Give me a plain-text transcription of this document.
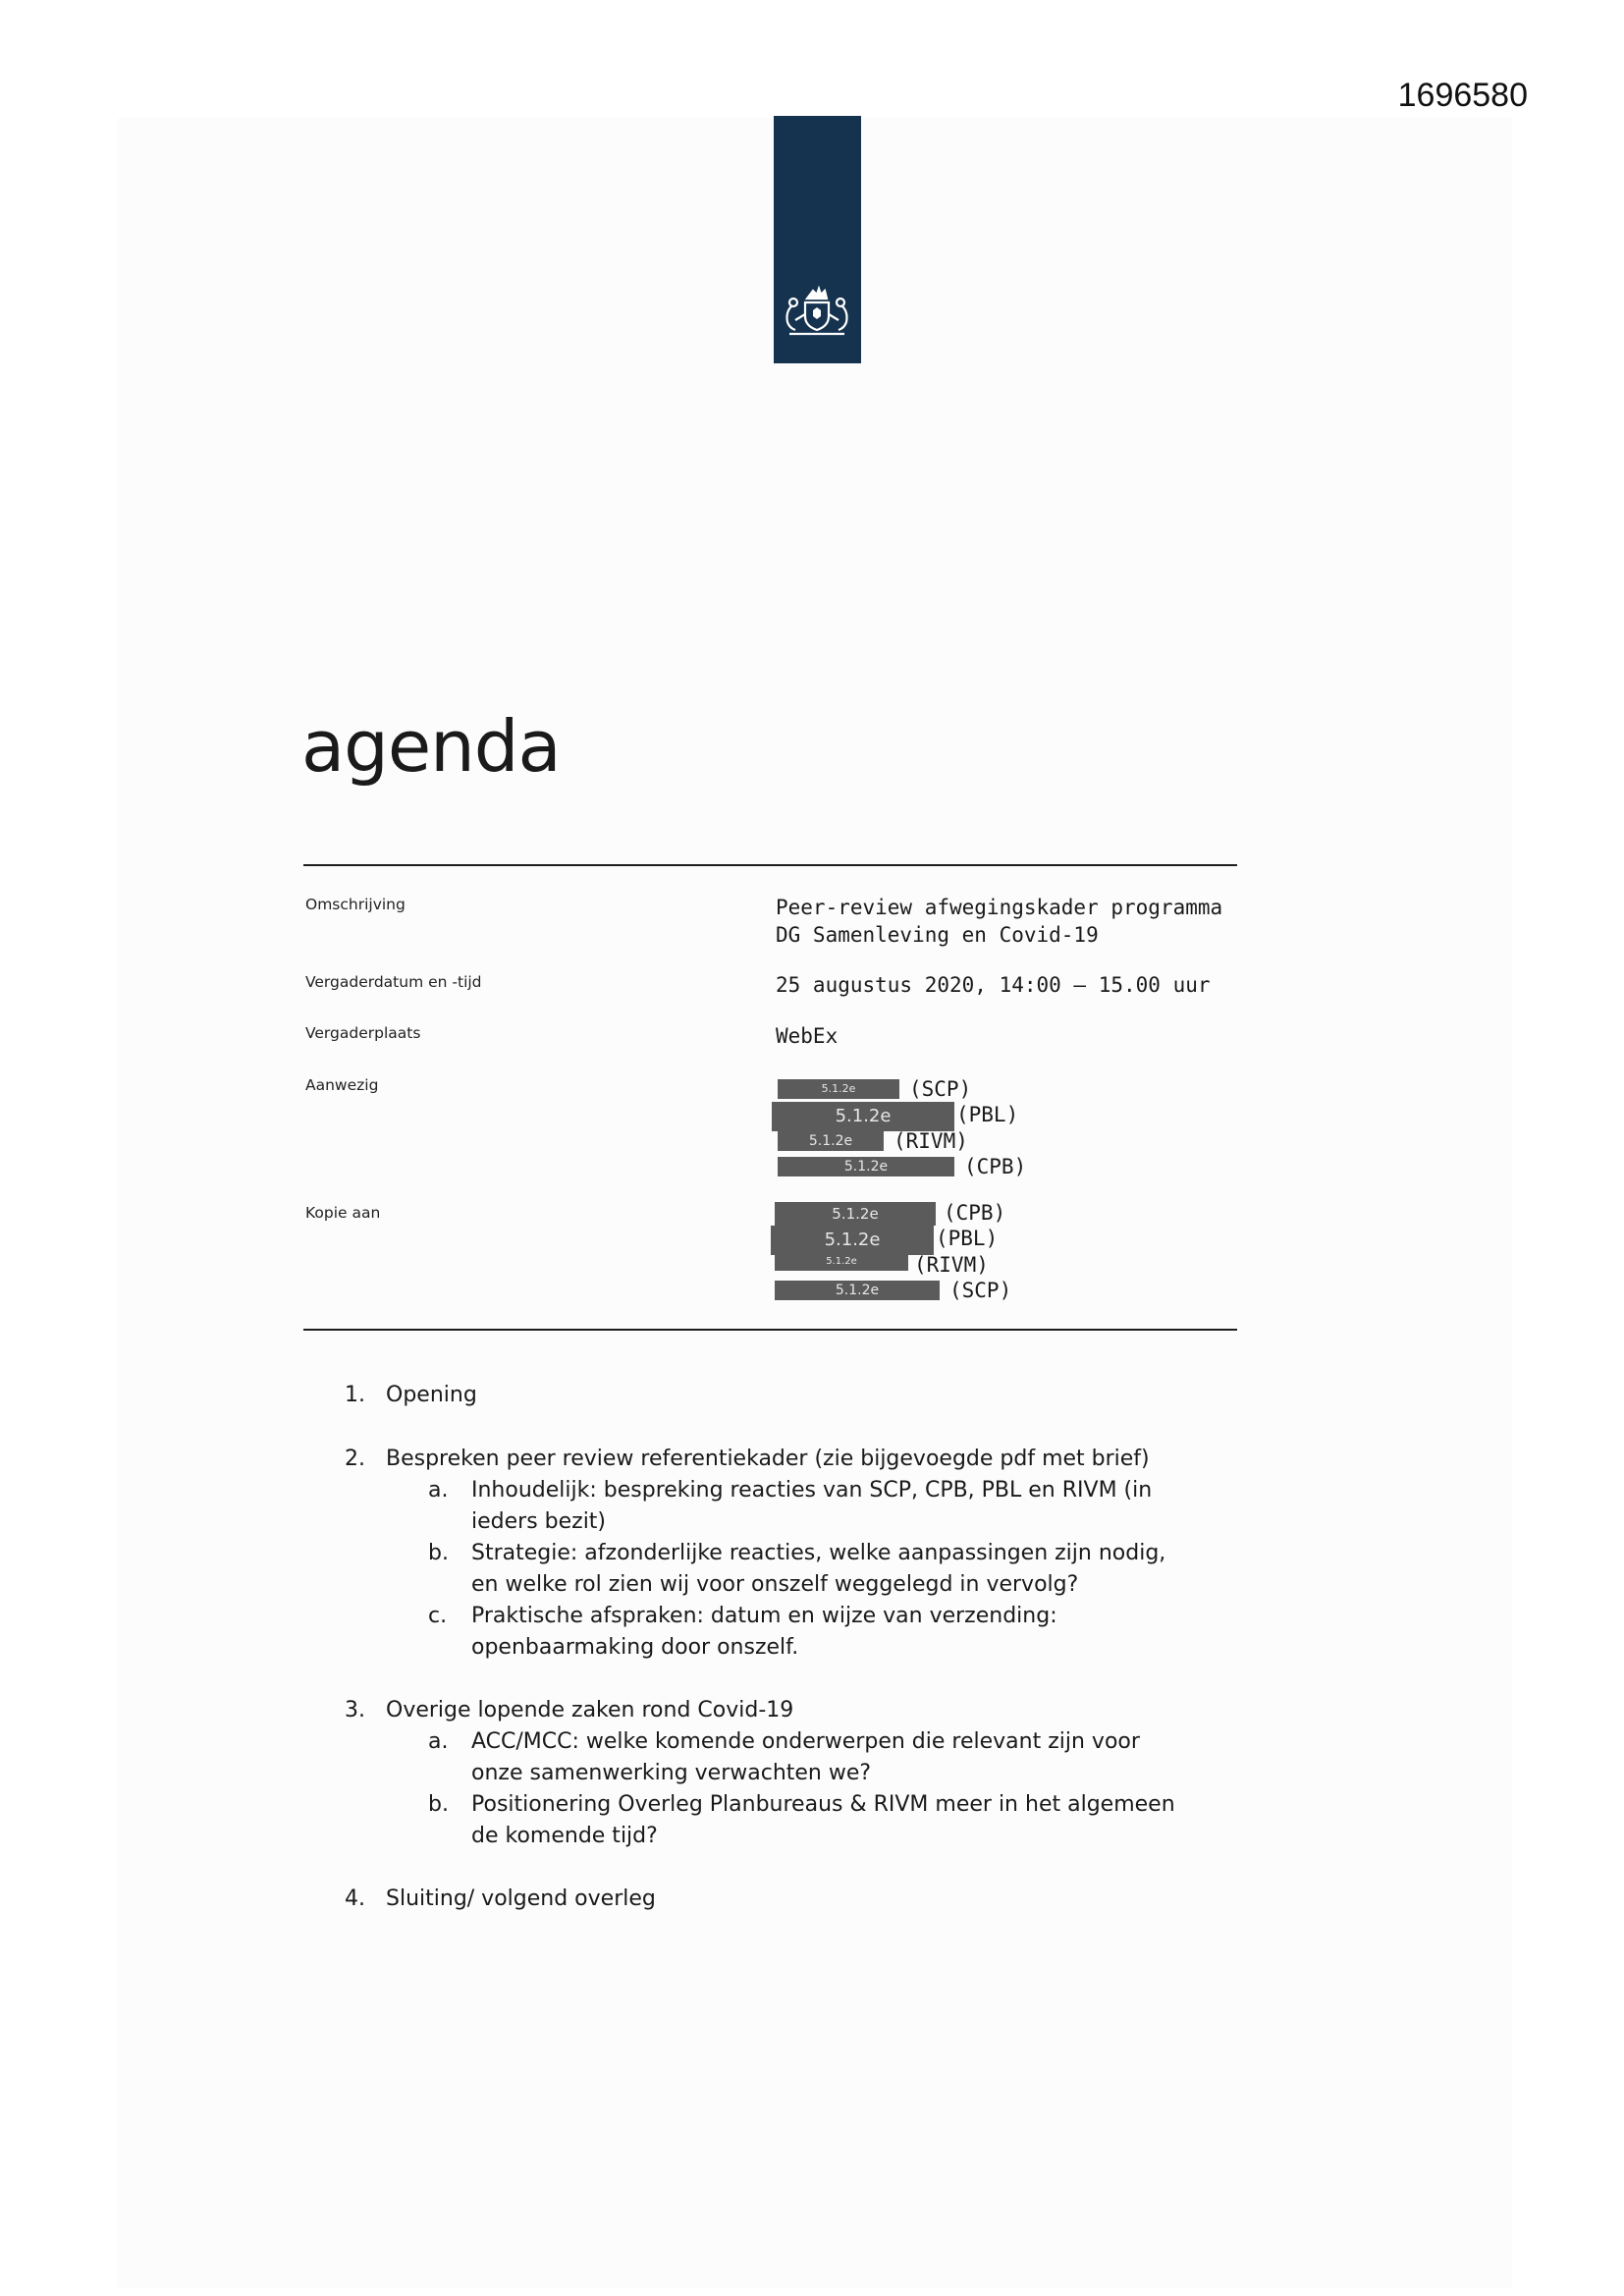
1696580
agenda
Omschrijving	Peer-review afwegingskader programma
DG Samenleving en Covid-19
Vergaderdatum en -tijd	25 augustus 2020, 14:00 – 15.00 uur
Vergaderplaats	WebEx
Aanwezig	5.1.2e	(SCP)
5.1.2e	(PBL)
5.1.2e	(RIVM)
5.1.2e	(CPB)
Kopie aan	5.1.2e	(CPB)
5.1.2e	(PBL)
5.1.2e	(RIVM)
5.1.2e	(SCP)
1. Opening
2. Bespreken peer review referentiekader (zie bijgevoegde pdf met brief)
a. Inhoudelijk: bespreking reacties van SCP, CPB, PBL en RIVM (in ieders bezit)
b. Strategie: afzonderlijke reacties, welke aanpassingen zijn nodig, en welke rol zien wij voor onszelf weggelegd in vervolg?
c. Praktische afspraken: datum en wijze van verzending: openbaarmaking door onszelf.
3. Overige lopende zaken rond Covid-19
a. ACC/MCC: welke komende onderwerpen die relevant zijn voor onze samenwerking verwachten we?
b. Positionering Overleg Planbureaus & RIVM meer in het algemeen de komende tijd?
4. Sluiting/ volgend overleg
